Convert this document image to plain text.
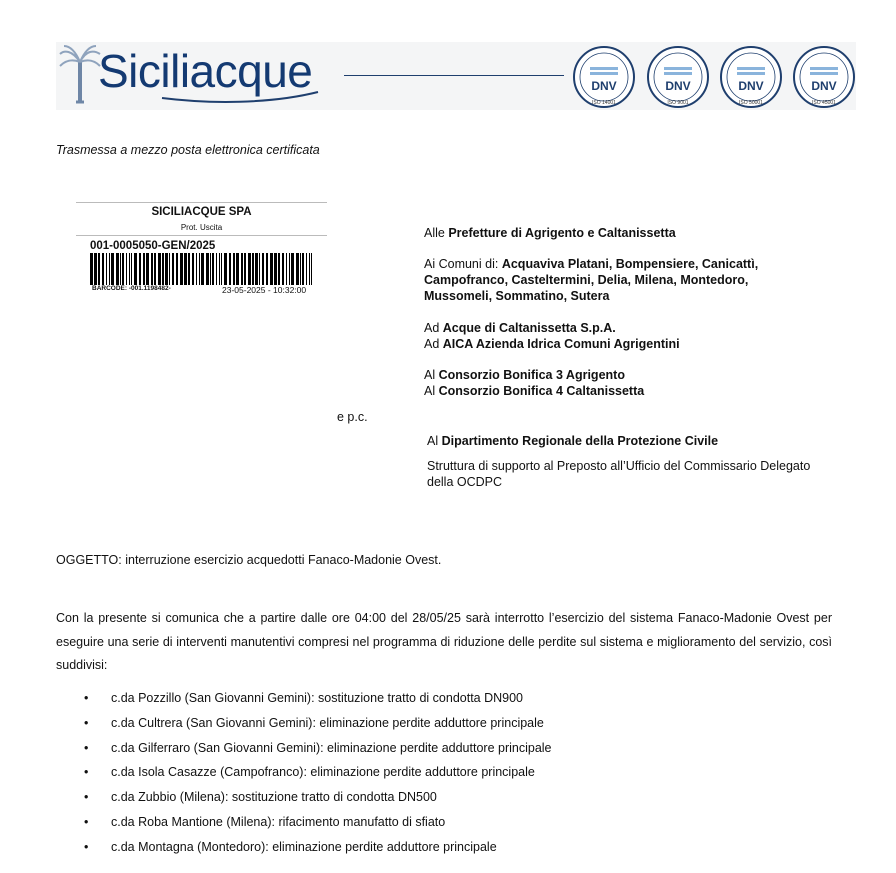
Siciliacque	DNV
ISO 14001
DNV
ISO 9001
DNV
ISO 50001
DNV
ISO 45001
Trasmessa a mezzo posta elettronica certificata
SICILIACQUE SPA
Prot. Uscita
001-0005050-GEN/2025
BARCODE: -001.1198482-	23-05-2025 - 10:32:00
Alle Prefetture di Agrigento e Caltanissetta
Ai Comuni di: Acquaviva Platani, Bompensiere, Canicattì,
Campofranco, Casteltermini, Delia, Milena, Montedoro,
Mussomeli, Sommatino, Sutera
Ad Acque di Caltanissetta S.p.A.
Ad AICA Azienda Idrica Comuni Agrigentini
Al Consorzio Bonifica 3 Agrigento
Al Consorzio Bonifica 4 Caltanissetta
e p.c.
Al Dipartimento Regionale della Protezione Civile
Struttura di supporto al Preposto all’Ufficio del Commissario Delegato
della OCDPC
OGGETTO: interruzione esercizio acquedotti Fanaco-Madonie Ovest.
Con la presente si comunica che a partire dalle ore 04:00 del 28/05/25 sarà interrotto l’esercizio del sistema Fanaco-Madonie Ovest per eseguire una serie di interventi manutentivi compresi nel programma di riduzione delle perdite sul sistema e miglioramento del servizio, così suddivisi:
• c.da Pozzillo (San Giovanni Gemini): sostituzione tratto di condotta DN900
• c.da Cultrera (San Giovanni Gemini): eliminazione perdite adduttore principale
• c.da Gilferraro (San Giovanni Gemini): eliminazione perdite adduttore principale
• c.da Isola Casazze (Campofranco): eliminazione perdite adduttore principale
• c.da Zubbio (Milena): sostituzione tratto di condotta DN500
• c.da Roba Mantione (Milena): rifacimento manufatto di sfiato
• c.da Montagna (Montedoro): eliminazione perdite adduttore principale
